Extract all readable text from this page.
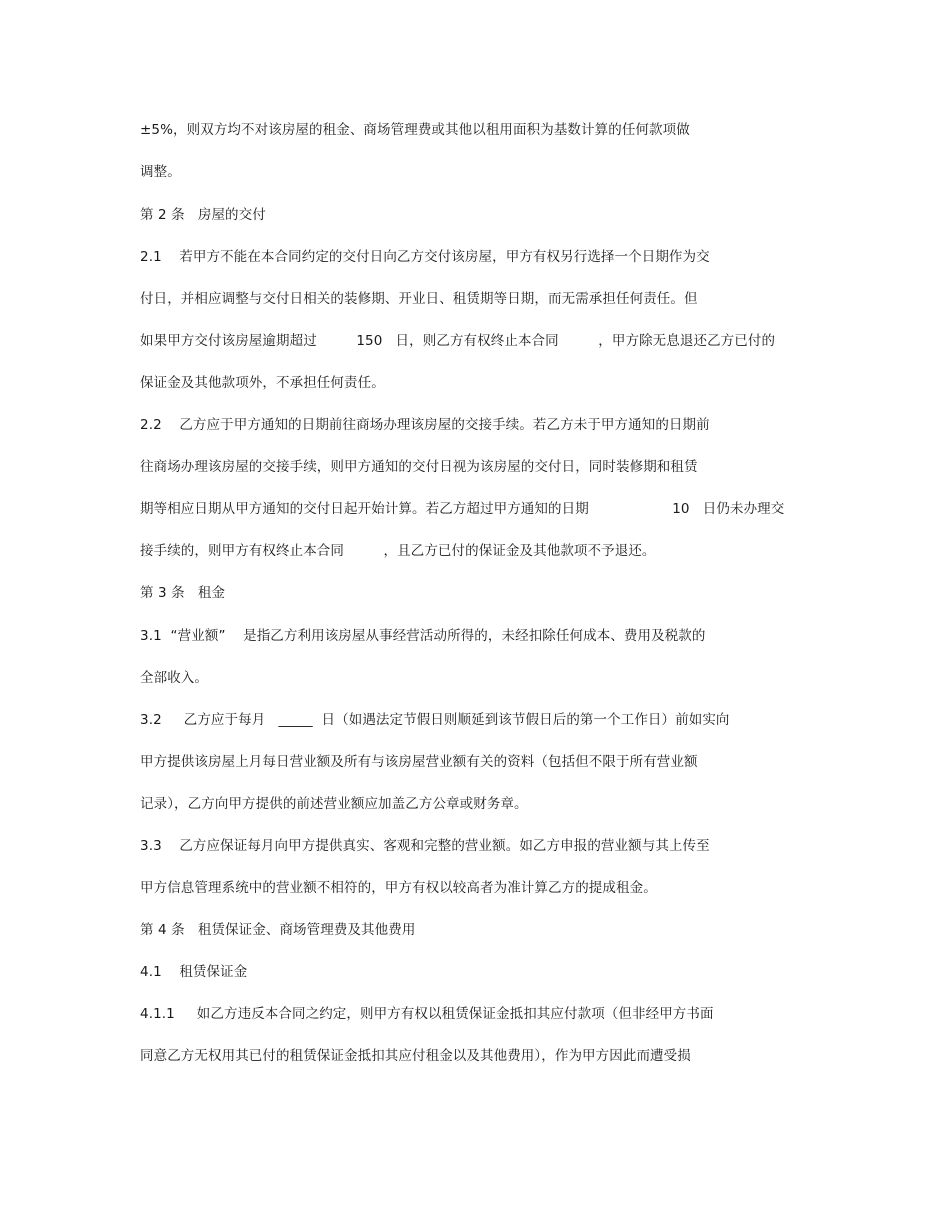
±5%，则双方均不对该房屋的租金、商场管理费或其他以租用面积为基数计算的任何款项做
调整。
第 2 条   房屋的交付
2.1    若甲方不能在本合同约定的交付日向乙方交付该房屋，甲方有权另行选择一个日期作为交
付日，并相应调整与交付日相关的装修期、开业日、租赁期等日期，而无需承担任何责任。但
如果甲方交付该房屋逾期超过         150   日，则乙方有权终止本合同         ，甲方除无息退还乙方已付的
保证金及其他款项外，不承担任何责任。
2.2    乙方应于甲方通知的日期前往商场办理该房屋的交接手续。若乙方未于甲方通知的日期前
往商场办理该房屋的交接手续，则甲方通知的交付日视为该房屋的交付日，同时装修期和租赁
期等相应日期从甲方通知的交付日起开始计算。若乙方超过甲方通知的日期                   10   日仍未办理交
接手续的，则甲方有权终止本合同         ，且乙方已付的保证金及其他款项不予退还。
第 3 条   租金
3.1  “营业额”    是指乙方利用该房屋从事经营活动所得的，未经扣除任何成本、费用及税款的
全部收入。
3.2     乙方应于每月   _____  日（如遇法定节假日则顺延到该节假日后的第一个工作日）前如实向
甲方提供该房屋上月每日营业额及所有与该房屋营业额有关的资料（包括但不限于所有营业额
记录），乙方向甲方提供的前述营业额应加盖乙方公章或财务章。
3.3    乙方应保证每月向甲方提供真实、客观和完整的营业额。如乙方申报的营业额与其上传至
甲方信息管理系统中的营业额不相符的，甲方有权以较高者为准计算乙方的提成租金。
第 4 条   租赁保证金、商场管理费及其他费用
4.1    租赁保证金
4.1.1     如乙方违反本合同之约定，则甲方有权以租赁保证金抵扣其应付款项（但非经甲方书面
同意乙方无权用其已付的租赁保证金抵扣其应付租金以及其他费用），作为甲方因此而遭受损
